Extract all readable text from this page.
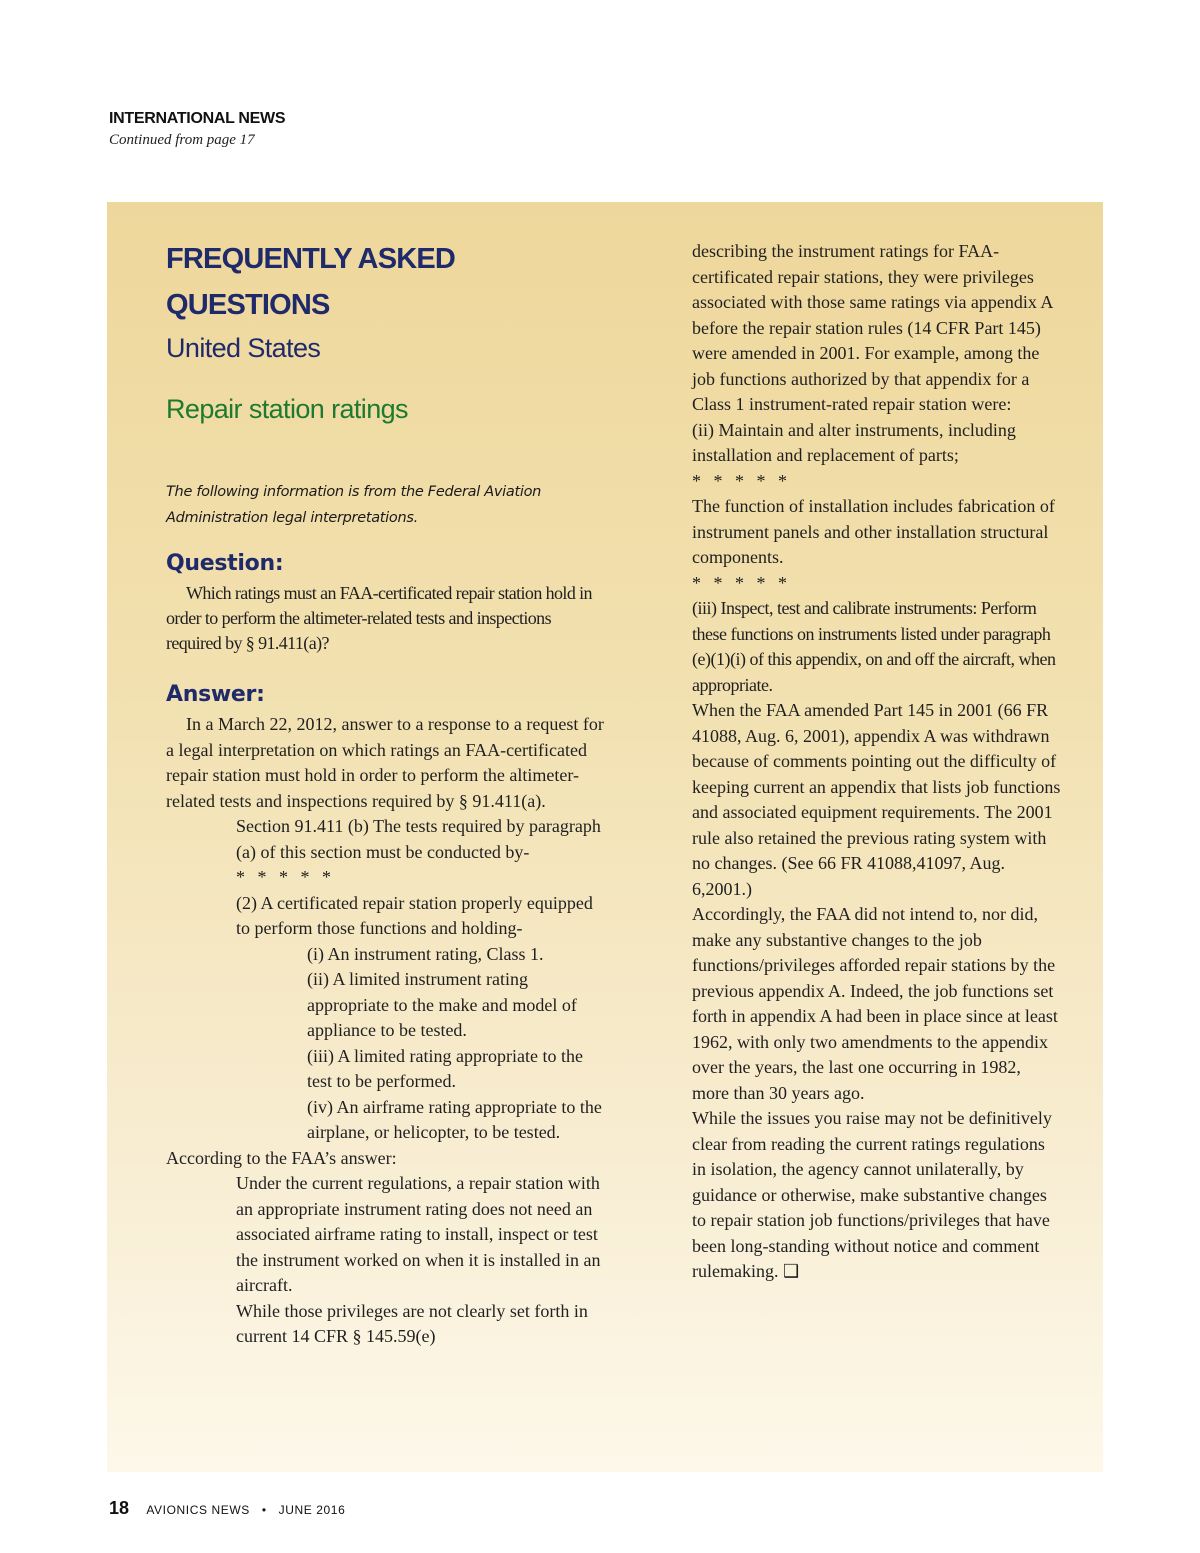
INTERNATIONAL NEWS
Continued from page 17
FREQUENTLY ASKED QUESTIONS
United States
Repair station ratings
The following information is from the Federal Aviation
Administration legal interpretations.
Question:
Which ratings must an FAA-certificated repair station hold in order to perform the altimeter-related tests and inspections required by § 91.411(a)?
Answer:
In a March 22, 2012, answer to a response to a request for a legal interpretation on which ratings an FAA-certificated repair station must hold in order to perform the altimeter-related tests and inspections required by § 91.411(a).
Section 91.411 (b) The tests required by paragraph (a) of this section must be conducted by-
* * * * *
(2) A certificated repair station properly equipped to perform those functions and holding-
(i) An instrument rating, Class 1.
(ii) A limited instrument rating appropriate to the make and model of appliance to be tested.
(iii) A limited rating appropriate to the test to be performed.
(iv) An airframe rating appropriate to the airplane, or helicopter, to be tested.
According to the FAA’s answer:
Under the current regulations, a repair station with an appropriate instrument rating does not need an associated airframe rating to install, inspect or test the instrument worked on when it is installed in an aircraft.
While those privileges are not clearly set forth in current 14 CFR § 145.59(e)

describing the instrument ratings for FAA-certificated repair stations, they were privileges associated with those same ratings via appendix A before the repair station rules (14 CFR Part 145) were amended in 2001. For example, among the job functions authorized by that appendix for a Class 1 instrument-rated repair station were:

(ii) Maintain and alter instruments, including installation and replacement of parts;

* * * * *

The function of installation includes fabrication of instrument panels and other installation structural components.

* * * * *

(iii) Inspect, test and calibrate instruments: Perform these functions on instruments listed under paragraph (e)(1)(i) of this appendix, on and off the aircraft, when appropriate.

When the FAA amended Part 145 in 2001 (66 FR 41088, Aug. 6, 2001), appendix A was withdrawn because of comments pointing out the difficulty of keeping current an appendix that lists job functions and associated equipment requirements. The 2001 rule also retained the previous rating system with no changes. (See 66 FR 41088,41097, Aug. 6,2001.)

Accordingly, the FAA did not intend to, nor did, make any substantive changes to the job functions/privileges afforded repair stations by the previous appendix A. Indeed, the job functions set forth in appendix A had been in place since at least 1962, with only two amendments to the appendix over the years, the last one occurring in 1982, more than 30 years ago.

While the issues you raise may not be definitively clear from reading the current ratings regulations in isolation, the agency cannot unilaterally, by guidance or otherwise, make substantive changes to repair station job functions/privileges that have been long-standing without notice and comment rulemaking. ❑

18 AVIONICS NEWS • JUNE 2016
